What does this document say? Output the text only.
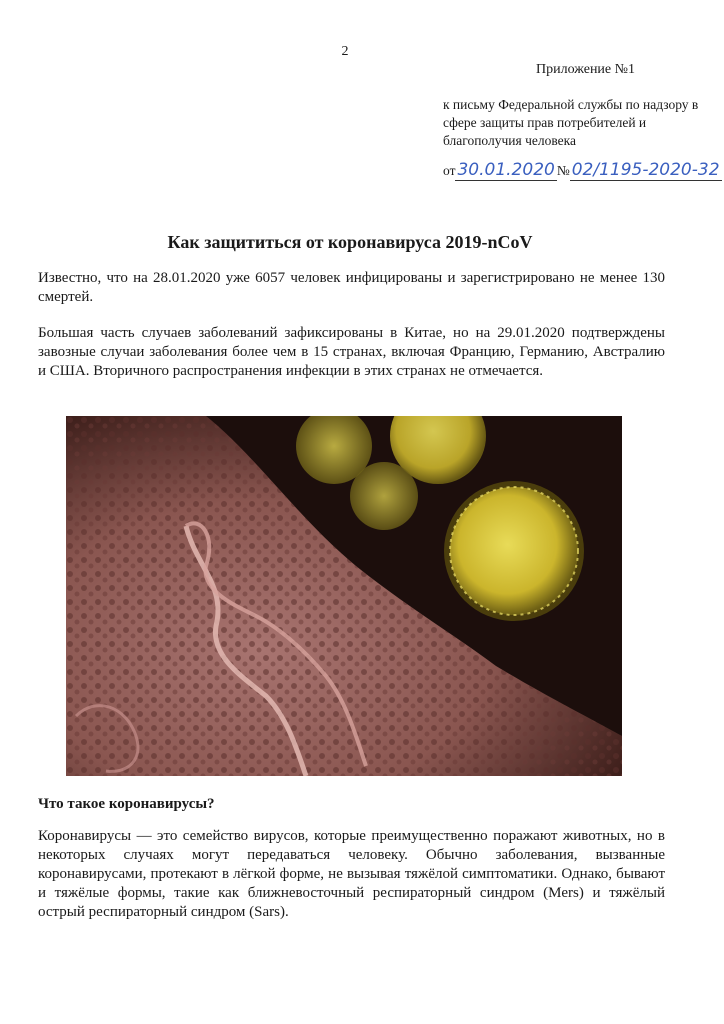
2
Приложение №1
к письму Федеральной службы по надзору в сфере защиты прав потребителей и благополучия человека
от 30.01.2020 № 02/1195-2020-32
Как защититься от коронавируса 2019-nCoV

Известно, что на 28.01.2020 уже 6057 человек инфицированы и зарегистрировано не менее 130 смертей.

Большая часть случаев заболеваний зафиксированы в Китае, но на 29.01.2020 подтверждены завозные случаи заболевания более чем в 15 странах, включая Францию, Германию, Австралию и США. Вторичного распространения инфекции в этих странах не отмечается.

Что такое коронавирусы?

Коронавирусы — это семейство вирусов, которые преимущественно поражают животных, но в некоторых случаях могут передаваться человеку. Обычно заболевания, вызванные коронавирусами, протекают в лёгкой форме, не вызывая тяжёлой симптоматики. Однако, бывают и тяжёлые формы, такие как ближневосточный респираторный синдром (Mers) и тяжёлый острый респираторный синдром (Sars).
